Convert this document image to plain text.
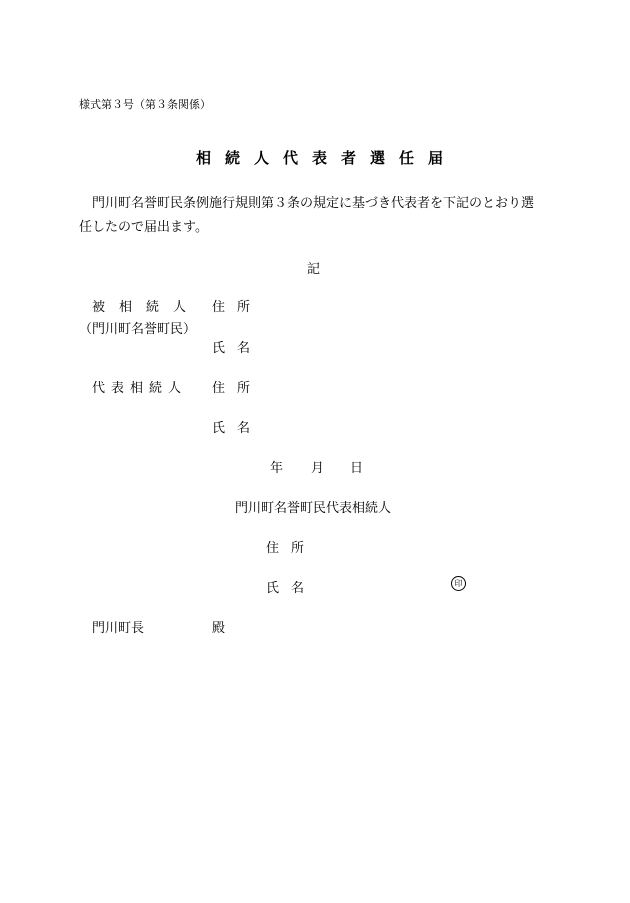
様式第３号（第３条関係）
相続人代表者選任届
門川町名誉町民条例施行規則第３条の規定に基づき代表者を下記のとおり選
任したので届出ます。
記
被相続人
（門川町名誉町民）
住所
氏名
代表相続人 住所
氏名
年 月 日
門川町名誉町民代表相続人
住所
氏名	印
門川町長	殿
